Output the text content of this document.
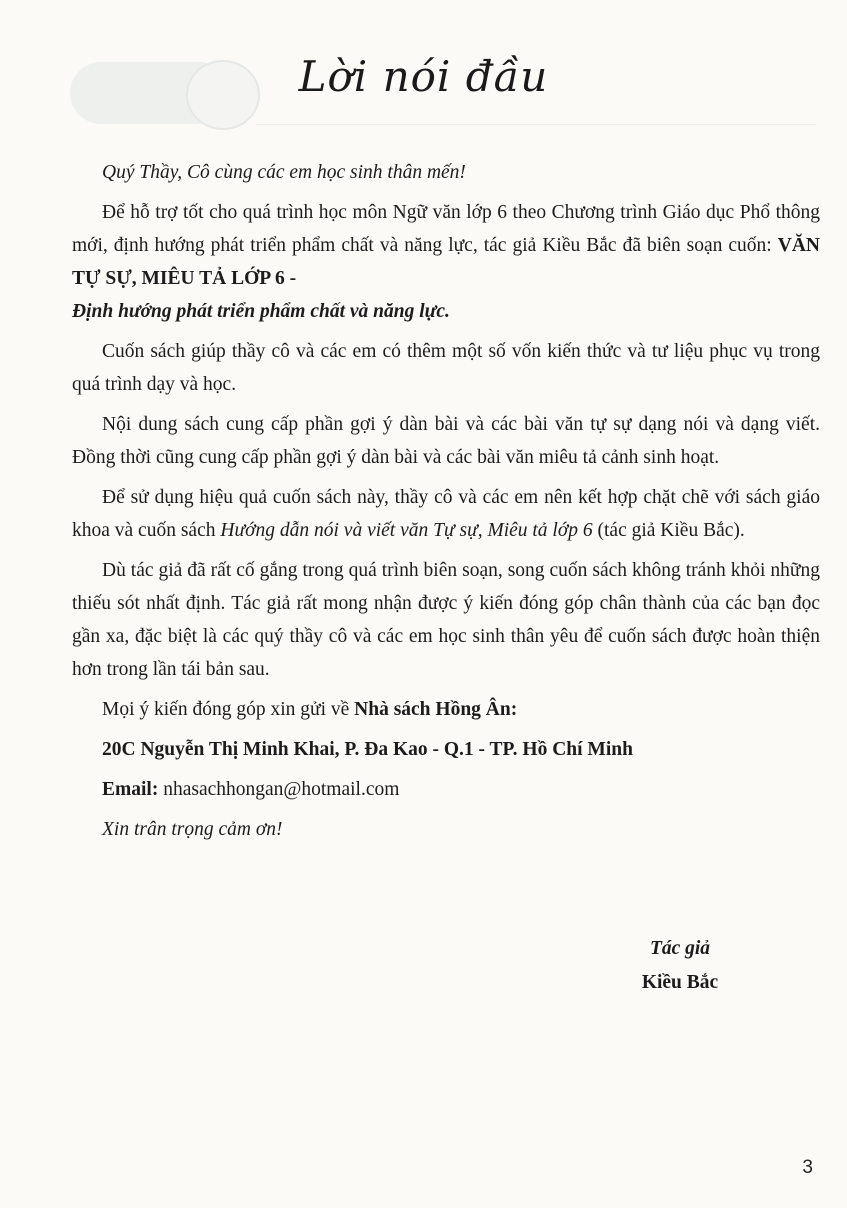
Lời nói đầu

Quý Thầy, Cô cùng các em học sinh thân mến!

Để hỗ trợ tốt cho quá trình học môn Ngữ văn lớp 6 theo Chương trình Giáo dục Phổ thông mới, định hướng phát triển phẩm chất và năng lực, tác giả Kiều Bắc đã biên soạn cuốn: VĂN TỰ SỰ, MIÊU TẢ LỚP 6 -
Định hướng phát triển phẩm chất và năng lực.

Cuốn sách giúp thầy cô và các em có thêm một số vốn kiến thức và tư liệu phục vụ trong quá trình dạy và học.

Nội dung sách cung cấp phần gợi ý dàn bài và các bài văn tự sự dạng nói và dạng viết. Đồng thời cũng cung cấp phần gợi ý dàn bài và các bài văn miêu tả cảnh sinh hoạt.

Để sử dụng hiệu quả cuốn sách này, thầy cô và các em nên kết hợp chặt chẽ với sách giáo khoa và cuốn sách Hướng dẫn nói và viết văn Tự sự, Miêu tả lớp 6 (tác giả Kiều Bắc).

Dù tác giả đã rất cố gắng trong quá trình biên soạn, song cuốn sách không tránh khỏi những thiếu sót nhất định. Tác giả rất mong nhận được ý kiến đóng góp chân thành của các bạn đọc gần xa, đặc biệt là các quý thầy cô và các em học sinh thân yêu để cuốn sách được hoàn thiện hơn trong lần tái bản sau.

Mọi ý kiến đóng góp xin gửi về Nhà sách Hồng Ân:

20C Nguyễn Thị Minh Khai, P. Đa Kao - Q.1 - TP. Hồ Chí Minh

Email: nhasachhongan@hotmail.com

Xin trân trọng cảm ơn!

Tác giả
Kiều Bắc
3
